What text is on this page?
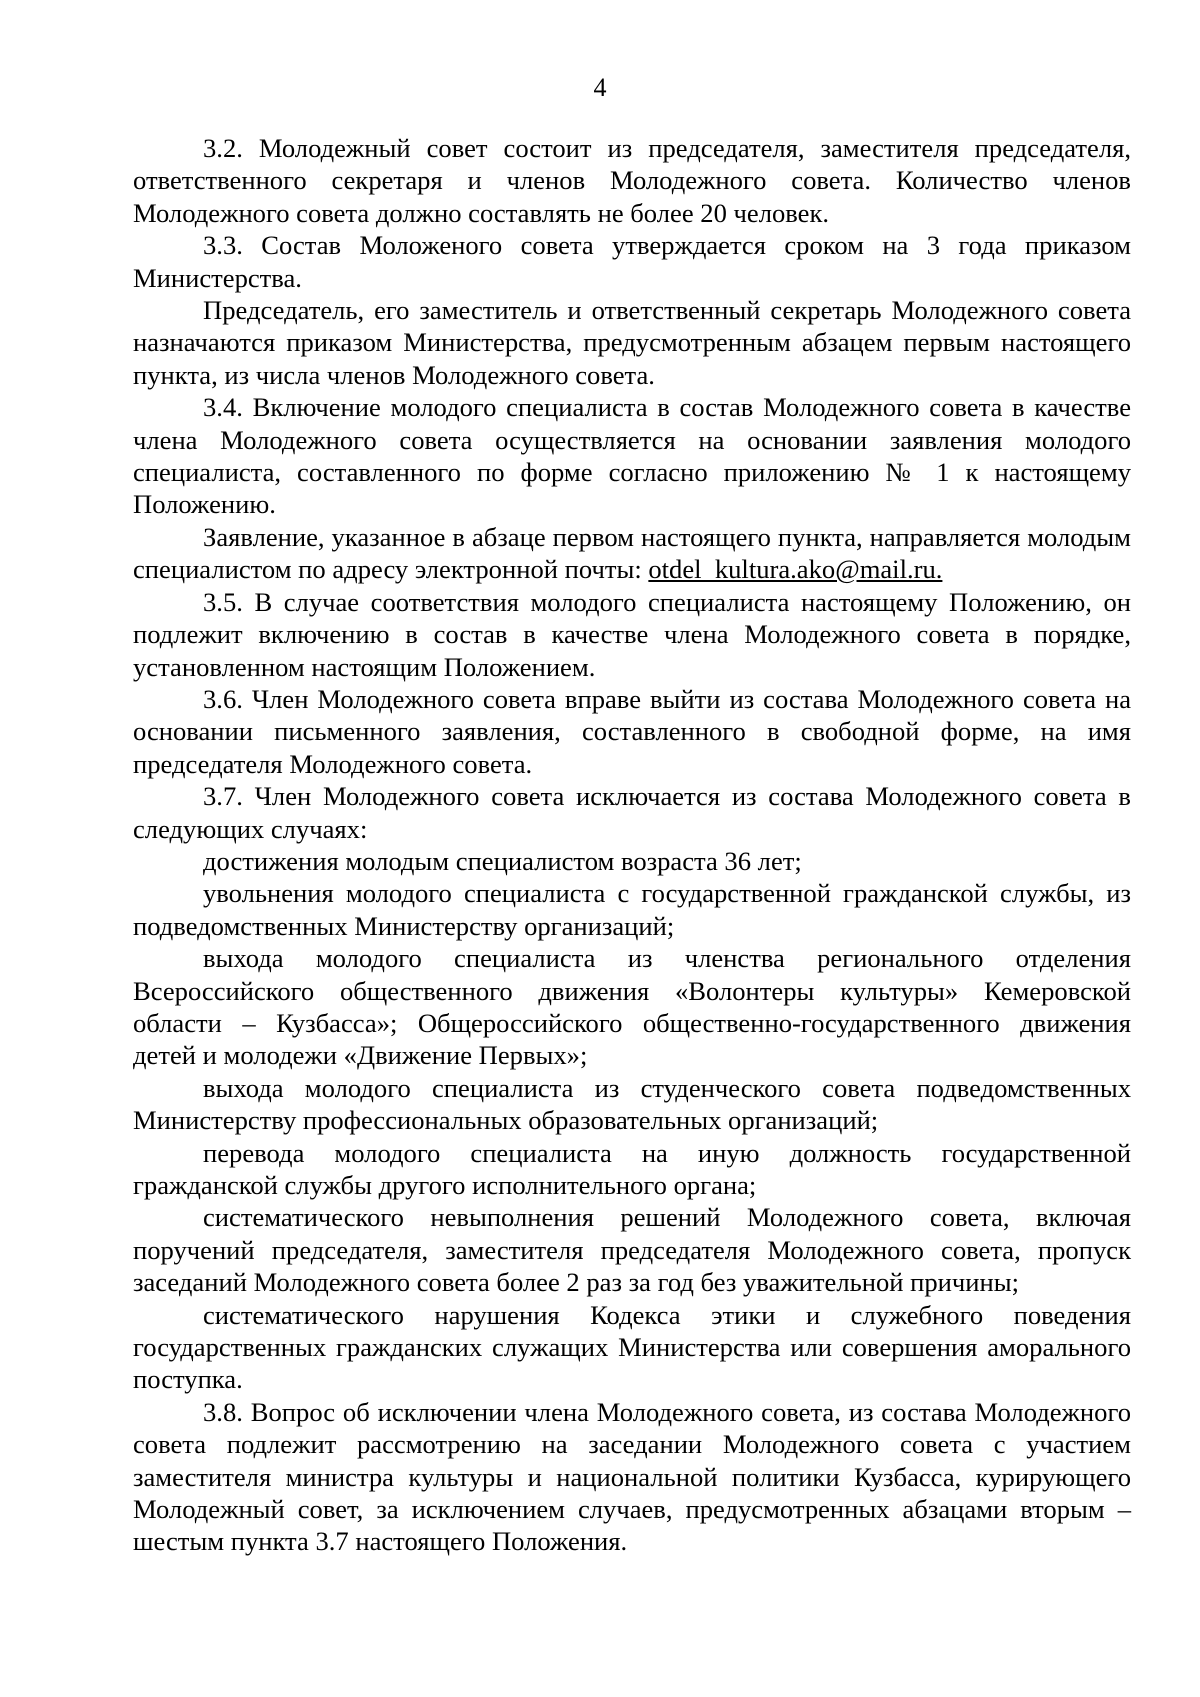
4

3.2. Молодежный совет состоит из председателя, заместителя председателя, ответственного секретаря и членов Молодежного совета. Количество членов Молодежного совета должно составлять не более 20 человек.

3.3. Состав Моложеного совета утверждается сроком на 3 года приказом Министерства.

Председатель, его заместитель и ответственный секретарь Молодежного совета назначаются приказом Министерства, предусмотренным абзацем первым настоящего пункта, из числа членов Молодежного совета.

3.4. Включение молодого специалиста в состав Молодежного совета в качестве члена Молодежного совета осуществляется на основании заявления молодого специалиста, составленного по форме согласно приложению № 1 к настоящему Положению.

Заявление, указанное в абзаце первом настоящего пункта, направляется молодым специалистом по адресу электронной почты: otdel_kultura.ako@mail.ru.

3.5. В случае соответствия молодого специалиста настоящему Положению, он подлежит включению в состав в качестве члена Молодежного совета в порядке, установленном настоящим Положением.

3.6. Член Молодежного совета вправе выйти из состава Молодежного совета на основании письменного заявления, составленного в свободной форме, на имя председателя Молодежного совета.

3.7. Член Молодежного совета исключается из состава Молодежного совета в следующих случаях:

достижения молодым специалистом возраста 36 лет;

увольнения молодого специалиста с государственной гражданской службы, из подведомственных Министерству организаций;

выхода молодого специалиста из членства регионального отделения Всероссийского общественного движения «Волонтеры культуры» Кемеровской области – Кузбасса»; Общероссийского общественно-государственного движения детей и молодежи «Движение Первых»;

выхода молодого специалиста из студенческого совета подведомственных Министерству профессиональных образовательных организаций;

перевода молодого специалиста на иную должность государственной гражданской службы другого исполнительного органа;

систематического невыполнения решений Молодежного совета, включая поручений председателя, заместителя председателя Молодежного совета, пропуск заседаний Молодежного совета более 2 раз за год без уважительной причины;

систематического нарушения Кодекса этики и служебного поведения государственных гражданских служащих Министерства или совершения аморального поступка.

3.8. Вопрос об исключении члена Молодежного совета, из состава Молодежного совета подлежит рассмотрению на заседании Молодежного совета с участием заместителя министра культуры и национальной политики Кузбасса, курирующего Молодежный совет, за исключением случаев, предусмотренных абзацами вторым – шестым пункта 3.7 настоящего Положения.
